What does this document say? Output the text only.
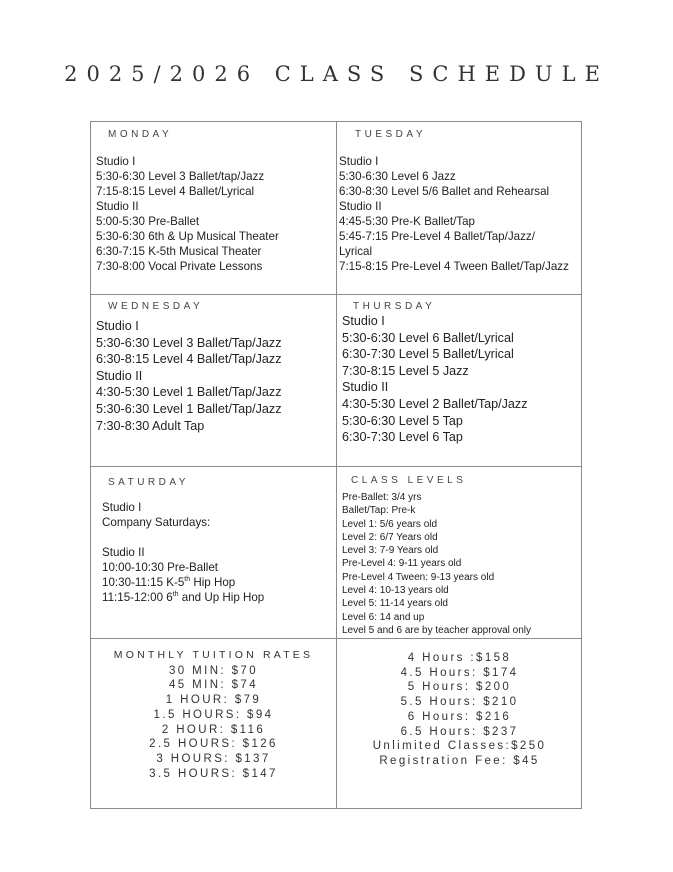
2025/2026 CLASS SCHEDULE
MONDAY
Studio I
5:30-6:30 Level 3 Ballet/tap/Jazz
7:15-8:15 Level 4 Ballet/Lyrical
Studio II
5:00-5:30 Pre-Ballet
5:30-6:30 6th & Up Musical Theater
6:30-7:15 K-5th Musical Theater
7:30-8:00 Vocal Private Lessons
TUESDAY
Studio I
5:30-6:30 Level 6 Jazz
6:30-8:30 Level 5/6 Ballet and Rehearsal
Studio II
4:45-5:30 Pre-K Ballet/Tap
5:45-7:15 Pre-Level 4 Ballet/Tap/Jazz/
Lyrical
7:15-8:15 Pre-Level 4 Tween Ballet/Tap/Jazz
WEDNESDAY
Studio I
5:30-6:30 Level 3 Ballet/Tap/Jazz
6:30-8:15 Level 4 Ballet/Tap/Jazz
Studio II
4:30-5:30 Level 1 Ballet/Tap/Jazz
5:30-6:30 Level 1 Ballet/Tap/Jazz
7:30-8:30 Adult Tap
THURSDAY
Studio I
5:30-6:30 Level 6 Ballet/Lyrical
6:30-7:30 Level 5 Ballet/Lyrical
7:30-8:15 Level 5 Jazz
Studio II
4:30-5:30 Level 2 Ballet/Tap/Jazz
5:30-6:30 Level 5 Tap
6:30-7:30 Level 6 Tap
SATURDAY
Studio I
Company Saturdays:
Studio II
10:00-10:30 Pre-Ballet
10:30-11:15 K-5th Hip Hop
11:15-12:00 6th and Up Hip Hop
CLASS LEVELS
Pre-Ballet: 3/4 yrs
Ballet/Tap: Pre-k
Level 1: 5/6 years old
Level 2: 6/7 Years old
Level 3: 7-9 Years old
Pre-Level 4: 9-11 years old
Pre-Level 4 Tween: 9-13 years old
Level 4: 10-13 years old
Level 5: 11-14 years old
Level 6: 14 and up
Level 5 and 6 are by teacher approval only
MONTHLY TUITION RATES
30 MIN: $70
45 MIN: $74
1 HOUR: $79
1.5 HOURS: $94
2 HOUR: $116
2.5 HOURS: $126
3 HOURS: $137
3.5 HOURS: $147
4 Hours :$158
4.5 Hours: $174
5 Hours: $200
5.5 Hours: $210
6 Hours: $216
6.5 Hours: $237
Unlimited Classes:$250
Registration Fee: $45
